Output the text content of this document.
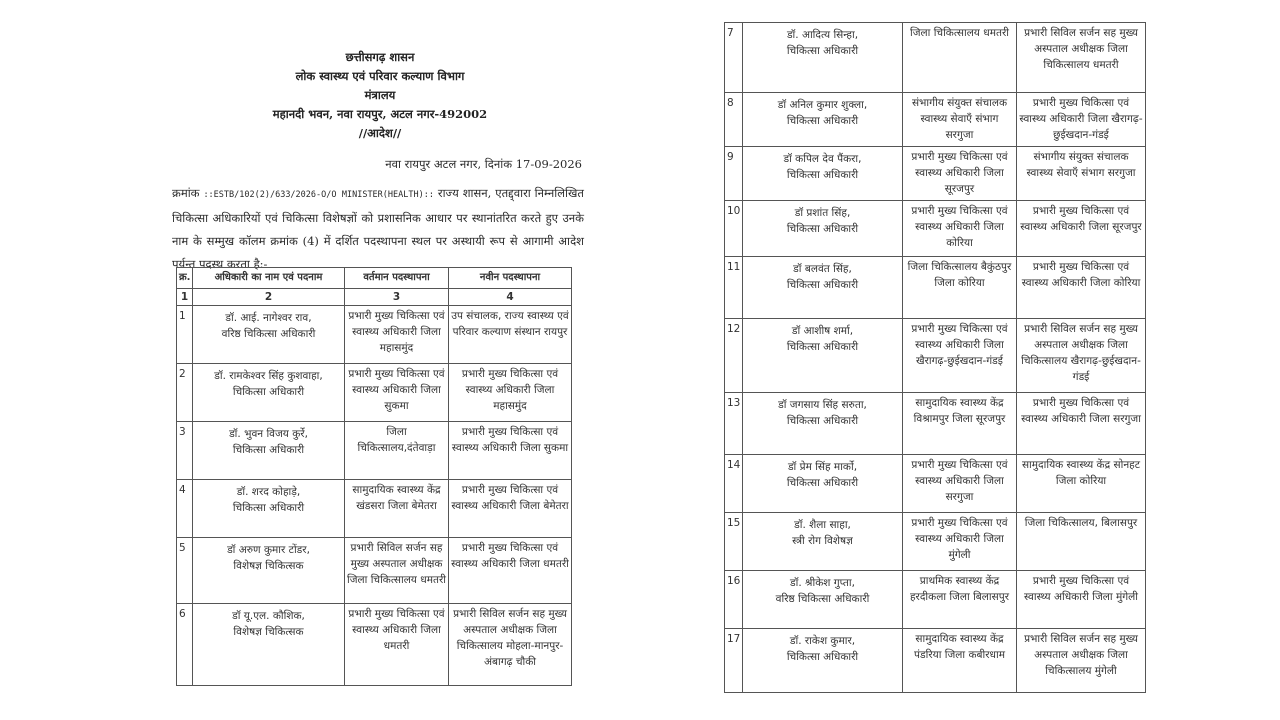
छत्तीसगढ़ शासन
लोक स्वास्थ्य एवं परिवार कल्याण विभाग
मंत्रालय
महानदी भवन, नवा रायपुर, अटल नगर-492002
//आदेश//
नवा रायपुर अटल नगर, दिनांक 17-09-2026

क्रमांक ::ESTB/102(2)/633/2026-O/O MINISTER(HEALTH):: राज्य शासन, एतद्द्वारा निम्नलिखित चिकित्सा अधिकारियों एवं चिकित्सा विशेषज्ञों को प्रशासनिक आधार पर स्थानांतरित करते हुए उनके नाम के सम्मुख कॉलम क्रमांक (4) में दर्शित पदस्थापना स्थल पर अस्थायी रूप से आगामी आदेश पर्यन्त पदस्थ करता है:-

क्र.	अधिकारी का नाम एवं पदनाम	वर्तमान पदस्थापना	नवीन पदस्थापना
1	2	3	4
1	डॉ. आई. नागेश्वर राव,
वरिष्ठ चिकित्सा अधिकारी	प्रभारी मुख्य चिकित्सा एवं स्वास्थ्य अधिकारी जिला महासमुंद	उप संचालक, राज्य स्वास्थ्य एवं परिवार कल्याण संस्थान रायपुर
2	डॉ. रामकेश्वर सिंह कुशवाहा,
चिकित्सा अधिकारी	प्रभारी मुख्य चिकित्सा एवं स्वास्थ्य अधिकारी जिला सुकमा	प्रभारी मुख्य चिकित्सा एवं स्वास्थ्य अधिकारी जिला महासमुंद
3	डॉ. भुवन विजय कुर्रे,
चिकित्सा अधिकारी	जिला चिकित्सालय,दंतेवाड़ा	प्रभारी मुख्य चिकित्सा एवं स्वास्थ्य अधिकारी जिला सुकमा
4	डॉ. शरद कोहाड़े,
चिकित्सा अधिकारी	सामुदायिक स्वास्थ्य केंद्र खंडसरा जिला बेमेतरा	प्रभारी मुख्य चिकित्सा एवं स्वास्थ्य अधिकारी जिला बेमेतरा
5	डॉ अरुण कुमार टोंडर,
विशेषज्ञ चिकित्सक	प्रभारी सिविल सर्जन सह मुख्य अस्पताल अधीक्षक जिला चिकित्सालय धमतरी	प्रभारी मुख्य चिकित्सा एवं स्वास्थ्य अधिकारी जिला धमतरी
6	डॉ यू.एल. कौशिक,
विशेषज्ञ चिकित्सक	प्रभारी मुख्य चिकित्सा एवं स्वास्थ्य अधिकारी जिला धमतरी	प्रभारी सिविल सर्जन सह मुख्य अस्पताल अधीक्षक जिला चिकित्सालय मोहला-मानपुर-अंबागढ़ चौकी
7	डॉ. आदित्य सिन्हा,
चिकित्सा अधिकारी	जिला चिकित्सालय धमतरी	प्रभारी सिविल सर्जन सह मुख्य अस्पताल अधीक्षक जिला चिकित्सालय धमतरी
8	डॉ अनिल कुमार शुक्ला,
चिकित्सा अधिकारी	संभागीय संयुक्त संचालक स्वास्थ्य सेवाएँ संभाग सरगुजा	प्रभारी मुख्य चिकित्सा एवं स्वास्थ्य अधिकारी जिला खैरागढ़-छुईखदान-गंडई
9	डॉ कपिल देव पैंकरा,
चिकित्सा अधिकारी	प्रभारी मुख्य चिकित्सा एवं स्वास्थ्य अधिकारी जिला सूरजपुर	संभागीय संयुक्त संचालक स्वास्थ्य सेवाएँ संभाग सरगुजा
10	डॉ प्रशांत सिंह,
चिकित्सा अधिकारी	प्रभारी मुख्य चिकित्सा एवं स्वास्थ्य अधिकारी जिला कोरिया	प्रभारी मुख्य चिकित्सा एवं स्वास्थ्य अधिकारी जिला सूरजपुर
11	डॉ बलवंत सिंह,
चिकित्सा अधिकारी	जिला चिकित्सालय बैकुंठपुर जिला कोरिया	प्रभारी मुख्य चिकित्सा एवं स्वास्थ्य अधिकारी जिला कोरिया
12	डॉ आशीष शर्मा,
चिकित्सा अधिकारी	प्रभारी मुख्य चिकित्सा एवं स्वास्थ्य अधिकारी जिला खैरागढ़-छुईखदान-गंडई	प्रभारी सिविल सर्जन सह मुख्य अस्पताल अधीक्षक जिला चिकित्सालय खैरागढ़-छुईखदान-गंडई
13	डॉ जगसाय सिंह सरुता,
चिकित्सा अधिकारी	सामुदायिक स्वास्थ्य केंद्र विश्रामपुर जिला सूरजपुर	प्रभारी मुख्य चिकित्सा एवं स्वास्थ्य अधिकारी जिला सरगुजा
14	डॉ प्रेम सिंह मार्को,
चिकित्सा अधिकारी	प्रभारी मुख्य चिकित्सा एवं स्वास्थ्य अधिकारी जिला सरगुजा	सामुदायिक स्वास्थ्य केंद्र सोनहट जिला कोरिया
15	डॉ. शैला साहा,
स्त्री रोग विशेषज्ञ	प्रभारी मुख्य चिकित्सा एवं स्वास्थ्य अधिकारी जिला मुंगेली	जिला चिकित्सालय, बिलासपुर
16	डॉ. श्रीकेश गुप्ता,
वरिष्ठ चिकित्सा अधिकारी	प्राथमिक स्वास्थ्य केंद्र हरदीकला जिला बिलासपुर	प्रभारी मुख्य चिकित्सा एवं स्वास्थ्य अधिकारी जिला मुंगेली
17	डॉ. राकेश कुमार,
चिकित्सा अधिकारी	सामुदायिक स्वास्थ्य केंद्र पंडरिया जिला कबीरधाम	प्रभारी सिविल सर्जन सह मुख्य अस्पताल अधीक्षक जिला चिकित्सालय मुंगेली
